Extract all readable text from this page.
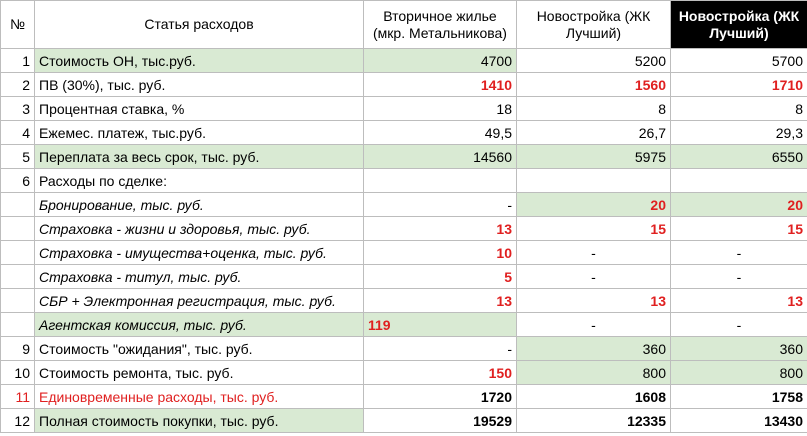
№	Статья расходов	Вторичное жилье (мкр. Метальникова)	Новостройка (ЖК Лучший)	Новостройка (ЖК Лучший)
1	Стоимость ОН, тыс.руб.	4700	5200	5700
2	ПВ (30%), тыс. руб.	1410	1560	1710
3	Процентная ставка, %	18	8	8
4	Ежемес. платеж, тыс.руб.	49,5	26,7	29,3
5	Переплата за весь срок, тыс. руб.	14560	5975	6550
6	Расходы по сделке:			
	Бронирование, тыс. руб.	-	20	20
	Страховка - жизни и здоровья, тыс. руб.	13	15	15
	Страховка - имущества+оценка, тыс. руб.	10	-	-
	Страховка - титул, тыс. руб.	5	-	-
	СБР + Электронная регистрация, тыс. руб.	13	13	13
	Агентская комиссия, тыс. руб.	119	-	-
9	Стоимость "ожидания", тыс. руб.	-	360	360
10	Стоимость ремонта, тыс. руб.	150	800	800
11	Единовременные расходы, тыс. руб.	1720	1608	1758
12	Полная стоимость покупки, тыс. руб.	19529	12335	13430
